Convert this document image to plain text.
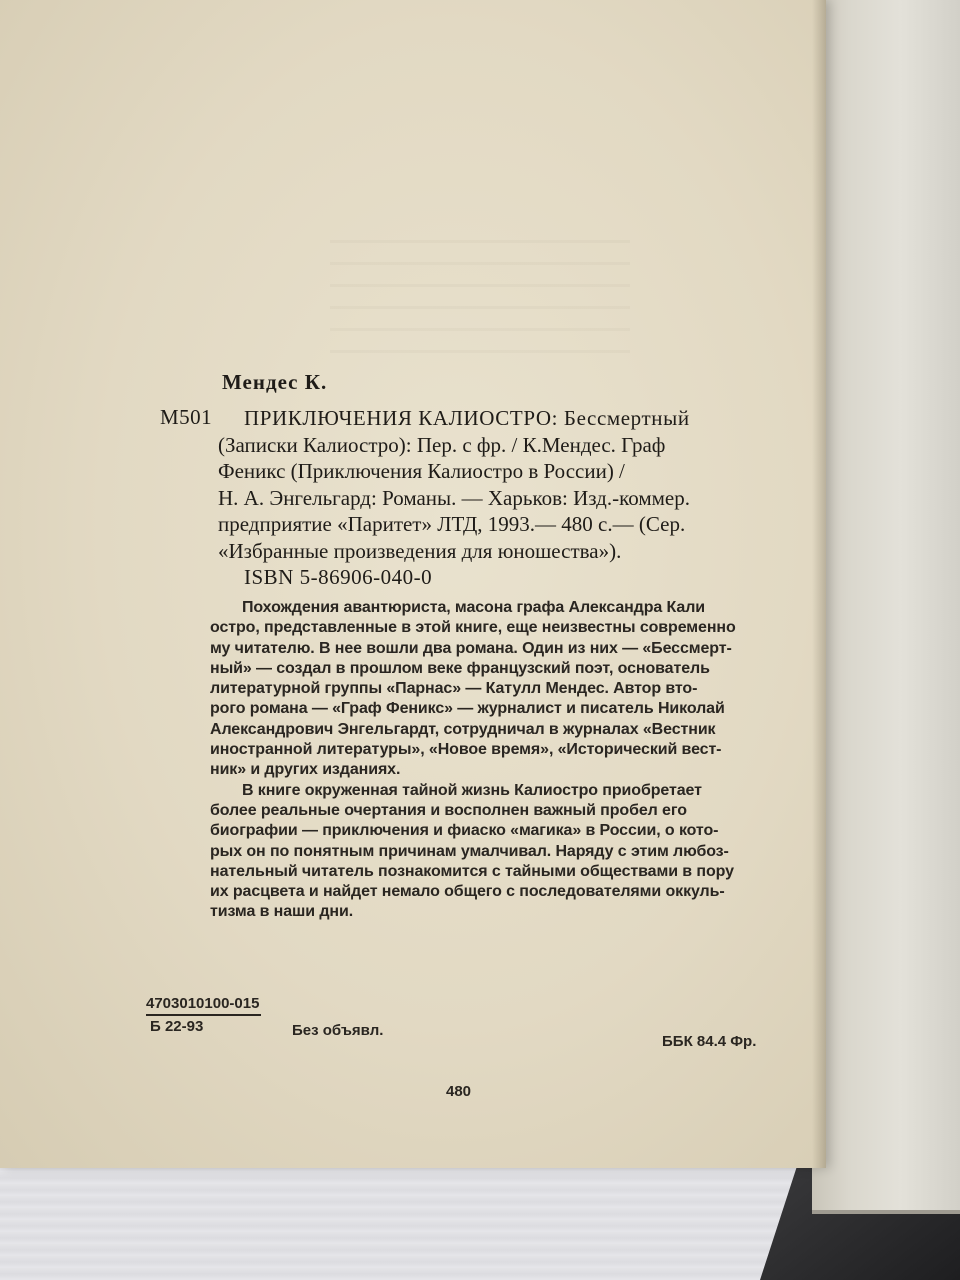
Мендес К.
М501	ПРИКЛЮЧЕНИЯ КАЛИОСТРО: Бессмертный
(Записки Калиостро): Пер. с фр. / К.Мендес. Граф
Феникс (Приключения Калиостро в России) /
Н. А. Энгельгард: Романы. — Харьков: Изд.-коммер.
предприятие «Паритет» ЛТД, 1993.— 480 с.— (Сер.
«Избранные произведения для юношества»).
ISBN 5-86906-040-0
Похождения авантюриста, масона графа Александра Кали
остро, представленные в этой книге, еще неизвестны современно
му читателю. В нее вошли два романа. Один из них — «Бессмерт-
ный» — создал в прошлом веке французский поэт, основатель
литературной группы «Парнас» — Катулл Мендес. Автор вто-
рого романа — «Граф Феникс» — журналист и писатель Николай
Александрович Энгельгардт, сотрудничал в журналах «Вестник
иностранной литературы», «Новое время», «Исторический вест-
ник» и других изданиях.
В книге окруженная тайной жизнь Калиостро приобретает
более реальные очертания и восполнен важный пробел его
биографии — приключения и фиаско «магика» в России, о кото-
рых он по понятным причинам умалчивал. Наряду с этим любоз-
нательный читатель познакомится с тайными обществами в пору
их расцвета и найдет немало общего с последователями оккуль-
тизма в наши дни.
4703010100-015
Б 22-93	Без объявл.
ББК 84.4 Фр.
480
